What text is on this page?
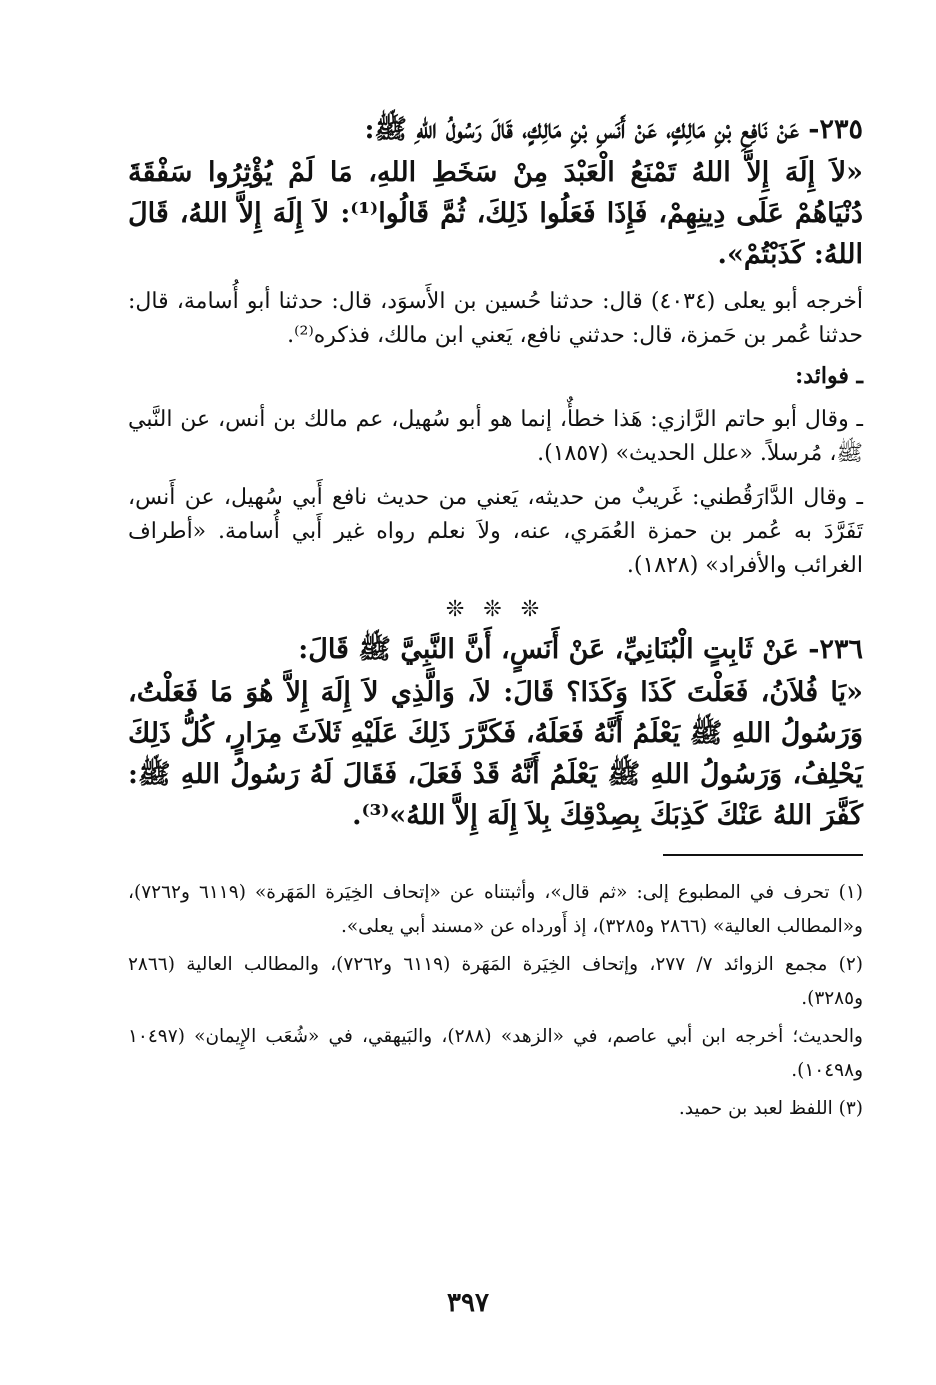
٢٣٥- عَنْ نَافِعِ بْنِ مَالِكٍ، عَنْ أَنَسِ بْنِ مَالِكٍ، قَالَ رَسُولُ اللهِ ﷺ:
«لاَ إِلَهَ إِلاَّ اللهُ تَمْنَعُ الْعَبْدَ مِنْ سَخَطِ اللهِ، مَا لَمْ يُؤْثِرُوا سَفْقَةَ دُنْيَاهُمْ عَلَى دِينِهِمْ، فَإِذَا فَعَلُوا ذَلِكَ، ثُمَّ قَالُوا⁽¹⁾: لاَ إِلَهَ إِلاَّ اللهُ، قَالَ اللهُ: كَذَبْتُمْ».
أخرجه أبو يعلى (٤٠٣٤) قال: حدثنا حُسين بن الأَسوَد، قال: حدثنا أبو أُسامة، قال: حدثنا عُمر بن حَمزة، قال: حدثني نافع، يَعني ابن مالك، فذكره⁽²⁾.
ـ فوائد:
ـ وقال أبو حاتم الرَّازي: هَذا خطأٌ، إنما هو أبو سُهيل، عم مالك بن أنس، عن النَّبي ﷺ، مُرسلاً. «علل الحديث» (١٨٥٧).
ـ وقال الدَّارَقُطني: غَريبٌ من حديثه، يَعني من حديث نافع أَبي سُهيل، عن أَنس، تَفَرَّدَ به عُمر بن حمزة العُمَري، عنه، ولاَ نعلم رواه غير أَبي أُسامة. «أطراف الغرائب والأفراد» (١٨٢٨).
❊ ❊ ❊
٢٣٦- عَنْ ثَابِتٍ الْبُنَانِيِّ، عَنْ أَنَسٍ، أَنَّ النَّبِيَّ ﷺ قَالَ:
«يَا فُلاَنُ، فَعَلْتَ كَذَا وَكَذَا؟ قَالَ: لاَ، وَالَّذِي لاَ إِلَهَ إِلاَّ هُوَ مَا فَعَلْتُ، وَرَسُولُ اللهِ ﷺ يَعْلَمُ أَنَّهُ فَعَلَهُ، فَكَرَّرَ ذَلِكَ عَلَيْهِ ثَلاَثَ مِرَارٍ، كُلُّ ذَلِكَ يَحْلِفُ، وَرَسُولُ اللهِ ﷺ يَعْلَمُ أَنَّهُ قَدْ فَعَلَ، فَقَالَ لَهُ رَسُولُ اللهِ ﷺ: كَفَّرَ اللهُ عَنْكَ كَذِبَكَ بِصِدْقِكَ بِلاَ إِلَهَ إِلاَّ اللهُ»⁽³⁾.
(١) تحرف في المطبوع إلى: «ثم قال»، وأثبتناه عن «إتحاف الخِيَرة المَهَرة» (٦١١٩ و٧٢٦٢)، و«المطالب العالية» (٢٨٦٦ و٣٢٨٥)، إذ أَورداه عن «مسند أبي يعلى».
(٢) مجمع الزوائد ٧/ ٢٧٧، وإتحاف الخِيَرة المَهَرة (٦١١٩ و٧٢٦٢)، والمطالب العالية (٢٨٦٦ و٣٢٨٥).
والحديث؛ أخرجه ابن أبي عاصم، في «الزهد» (٢٨٨)، والبَيهقي، في «شُعَب الإِيمان» (١٠٤٩٧ و١٠٤٩٨).
(٣) اللفظ لعبد بن حميد.
٣٩٧
